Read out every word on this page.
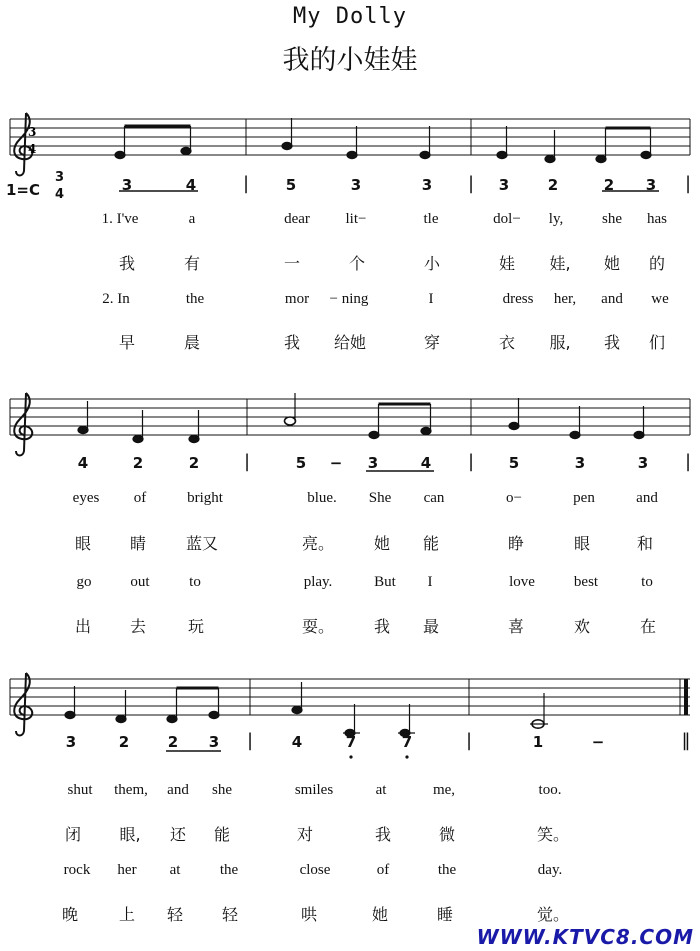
My Dolly
我的小娃娃
1=C
3
4
3
4
3	4	| 5	3	3 | 3	2	2 3 |
1. I've	a	dear lit−	tle	dol− ly,	she has
我	有	一	个	小	娃 娃, 她 的
2. In	the	mor − ning	I	dress her, and we
早	晨	我 给她	穿	衣 服, 我 们
4	2	2 |	5 − 3	4 | 5	3	3 |
eyes of	bright	blue. She can	o−	pen	and
眼 睛 蓝又	亮。 她 能	睁	眼	和
go	out	to	play.	But I	love	best	to
出 去	玩	耍。 我 最	喜	欢	在
3	2	2 3 |	4	7	7	|	1	−	‖
shut them, and she	smiles	at	me,	too.
闭 眼, 还 能	对	我	微	笑。
rock her at	the	close	of	the	day.
晚	上 轻 轻	哄	她	睡	觉。
WWW.KTVC8.COM
